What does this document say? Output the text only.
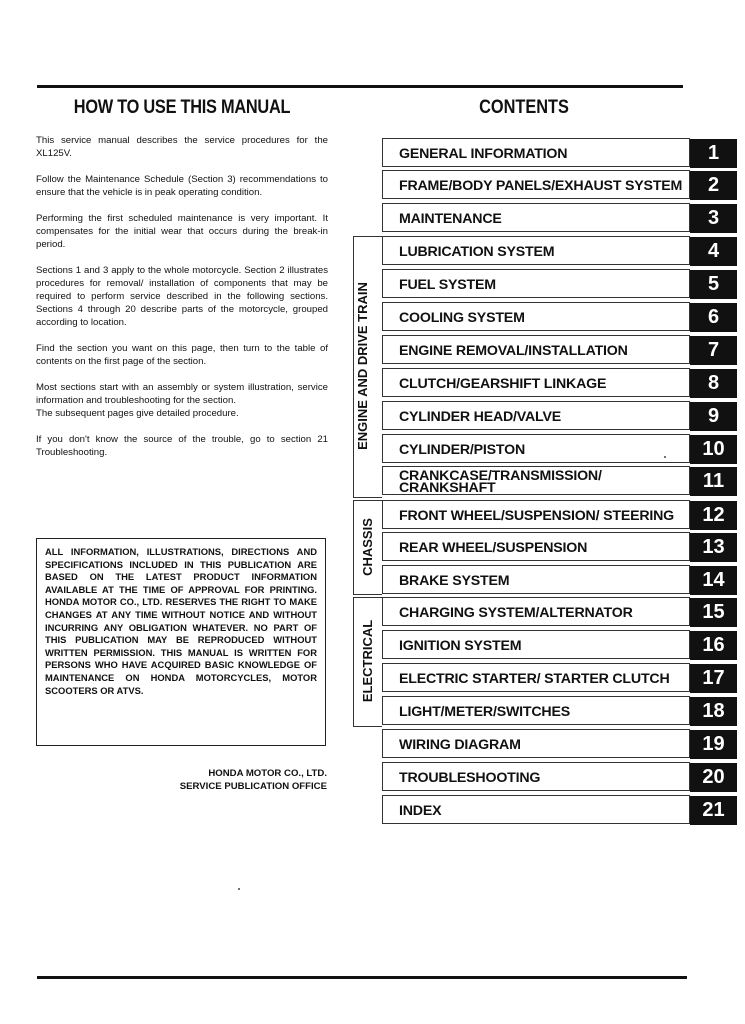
HOW TO USE THIS MANUAL

This service manual describes the service procedures for the XL125V.

Follow the Maintenance Schedule (Section 3) recommendations to ensure that the vehicle is in peak operating condition.

Performing the first scheduled maintenance is very important. It compensates for the initial wear that occurs during the break-in period.

Sections 1 and 3 apply to the whole motorcycle. Section 2 illustrates procedures for removal/ installation of components that may be required to perform service described in the following sections. Sections 4 through 20 describe parts of the motorcycle, grouped according to location.

Find the section you want on this page, then turn to the table of contents on the first page of the section.

Most sections start with an assembly or system illustration, service information and troubleshooting for the section.

The subsequent pages give detailed procedure.

If you don't know the source of the trouble, go to section 21 Troubleshooting.

ALL INFORMATION, ILLUSTRATIONS, DIRECTIONS AND SPECIFICATIONS INCLUDED IN THIS PUBLICATION ARE BASED ON THE LATEST PRODUCT INFORMATION AVAILABLE AT THE TIME OF APPROVAL FOR PRINTING. HONDA MOTOR CO., LTD. RESERVES THE RIGHT TO MAKE CHANGES AT ANY TIME WITHOUT NOTICE AND WITHOUT INCURRING ANY OBLIGATION WHATEVER. NO PART OF THIS PUBLICATION MAY BE REPRODUCED WITHOUT WRITTEN PERMISSION. THIS MANUAL IS WRITTEN FOR PERSONS WHO HAVE ACQUIRED BASIC KNOWLEDGE OF MAINTENANCE ON HONDA MOTORCYCLES, MOTOR SCOOTERS OR ATVS.
HONDA MOTOR CO., LTD.
SERVICE PUBLICATION OFFICE
CONTENTS
ENGINE AND DRIVE TRAIN
CHASSIS
ELECTRICAL
GENERAL INFORMATION	1
FRAME/BODY PANELS/EXHAUST SYSTEM	2
MAINTENANCE	3
LUBRICATION SYSTEM	4
FUEL SYSTEM	5
COOLING SYSTEM	6
ENGINE REMOVAL/INSTALLATION	7
CLUTCH/GEARSHIFT LINKAGE	8
CYLINDER HEAD/VALVE	9
CYLINDER/PISTON	10
CRANKCASE/TRANSMISSION/ CRANKSHAFT	11
FRONT WHEEL/SUSPENSION/ STEERING	12
REAR WHEEL/SUSPENSION	13
BRAKE SYSTEM	14
CHARGING SYSTEM/ALTERNATOR	15
IGNITION SYSTEM	16
ELECTRIC STARTER/ STARTER CLUTCH	17
LIGHT/METER/SWITCHES	18
WIRING DIAGRAM	19
TROUBLESHOOTING	20
INDEX	21
